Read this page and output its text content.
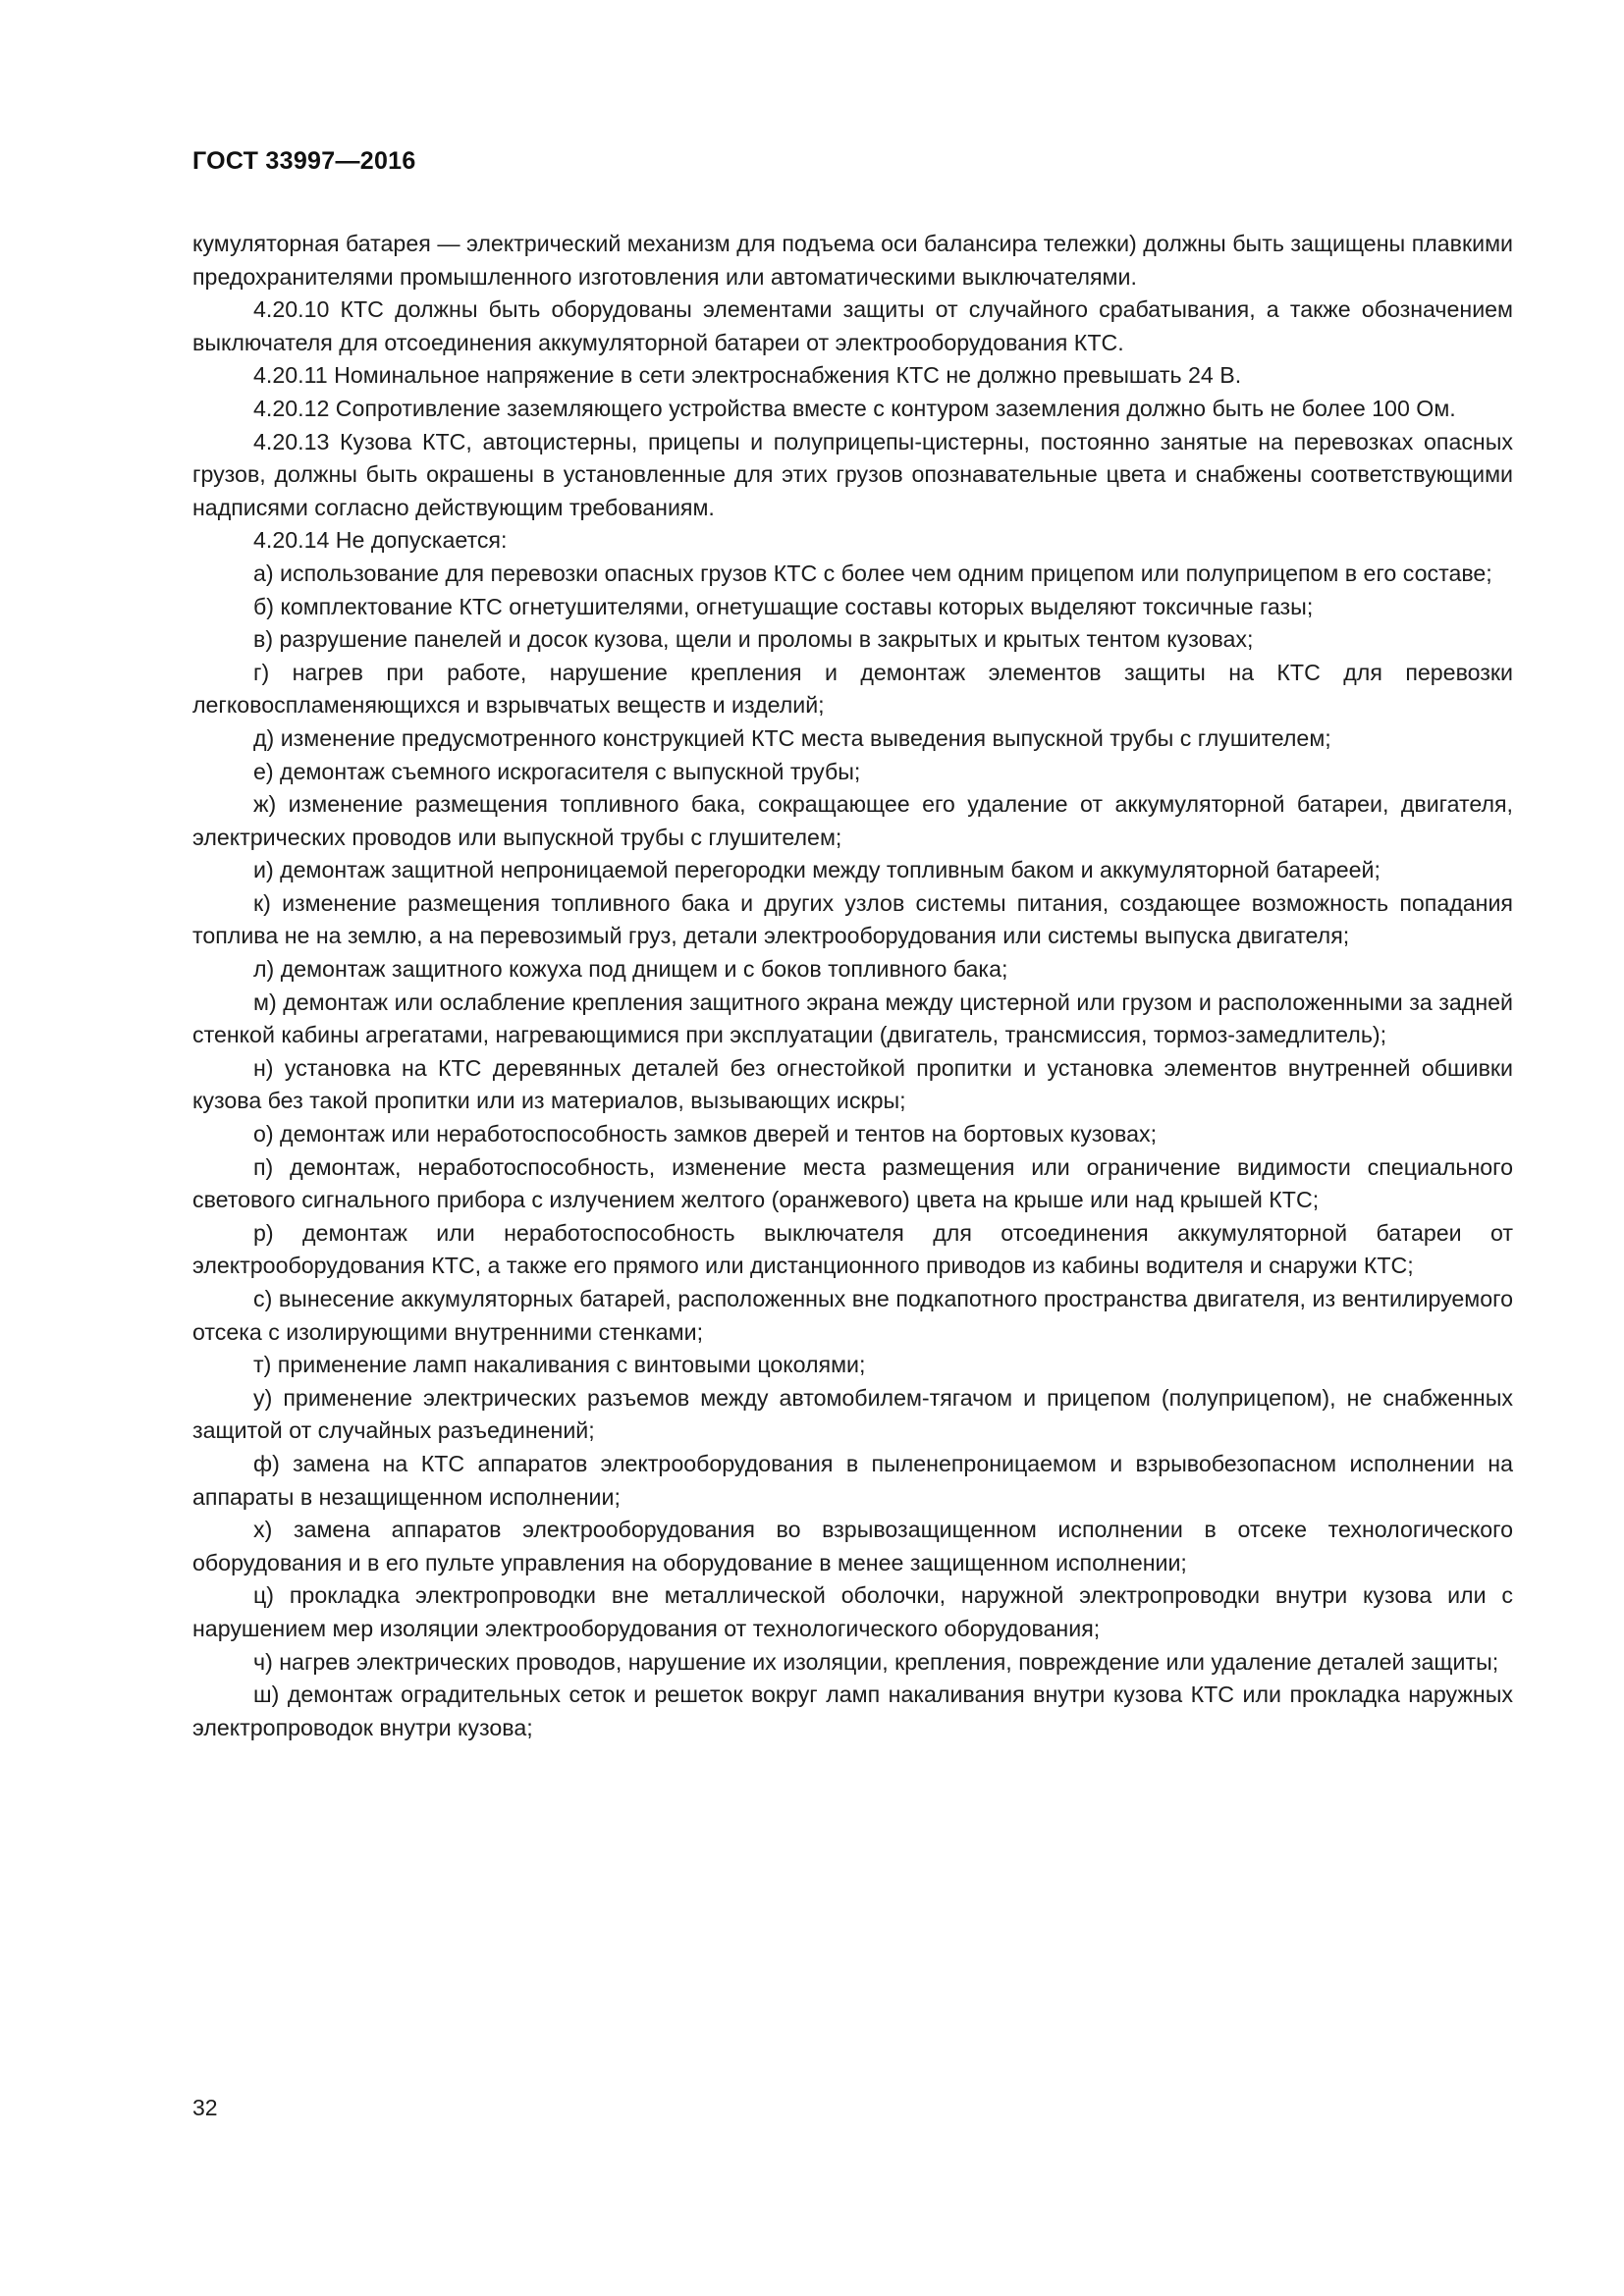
ГОСТ 33997—2016

кумуляторная батарея — электрический механизм для подъема оси балансира тележки) должны быть защищены плавкими предохранителями промышленного изготовления или автоматическими выключателями.

4.20.10 КТС должны быть оборудованы элементами защиты от случайного срабатывания, а также обозначением выключателя для отсоединения аккумуляторной батареи от электрооборудования КТС.

4.20.11 Номинальное напряжение в сети электроснабжения КТС не должно превышать 24 В.

4.20.12 Сопротивление заземляющего устройства вместе с контуром заземления должно быть не более 100 Ом.

4.20.13 Кузова КТС, автоцистерны, прицепы и полуприцепы-цистерны, постоянно занятые на перевозках опасных грузов, должны быть окрашены в установленные для этих грузов опознавательные цвета и снабжены соответствующими надписями согласно действующим требованиям.

4.20.14 Не допускается:

а) использование для перевозки опасных грузов КТС с более чем одним прицепом или полуприцепом в его составе;

б) комплектование КТС огнетушителями, огнетушащие составы которых выделяют токсичные газы;

в) разрушение панелей и досок кузова, щели и проломы в закрытых и крытых тентом кузовах;

г) нагрев при работе, нарушение крепления и демонтаж элементов защиты на КТС для перевозки легковоспламеняющихся и взрывчатых веществ и изделий;

д) изменение предусмотренного конструкцией КТС места выведения выпускной трубы с глушителем;

е) демонтаж съемного искрогасителя с выпускной трубы;

ж) изменение размещения топливного бака, сокращающее его удаление от аккумуляторной батареи, двигателя, электрических проводов или выпускной трубы с глушителем;

и) демонтаж защитной непроницаемой перегородки между топливным баком и аккумуляторной батареей;

к) изменение размещения топливного бака и других узлов системы питания, создающее возможность попадания топлива не на землю, а на перевозимый груз, детали электрооборудования или системы выпуска двигателя;

л) демонтаж защитного кожуха под днищем и с боков топливного бака;

м) демонтаж или ослабление крепления защитного экрана между цистерной или грузом и расположенными за задней стенкой кабины агрегатами, нагревающимися при эксплуатации (двигатель, трансмиссия, тормоз-замедлитель);

н) установка на КТС деревянных деталей без огнестойкой пропитки и установка элементов внутренней обшивки кузова без такой пропитки или из материалов, вызывающих искры;

о) демонтаж или неработоспособность замков дверей и тентов на бортовых кузовах;

п) демонтаж, неработоспособность, изменение места размещения или ограничение видимости специального светового сигнального прибора с излучением желтого (оранжевого) цвета на крыше или над крышей КТС;

р) демонтаж или неработоспособность выключателя для отсоединения аккумуляторной батареи от электрооборудования КТС, а также его прямого или дистанционного приводов из кабины водителя и снаружи КТС;

с) вынесение аккумуляторных батарей, расположенных вне подкапотного пространства двигателя, из вентилируемого отсека с изолирующими внутренними стенками;

т) применение ламп накаливания с винтовыми цоколями;

у) применение электрических разъемов между автомобилем-тягачом и прицепом (полуприцепом), не снабженных защитой от случайных разъединений;

ф) замена на КТС аппаратов электрооборудования в пыленепроницаемом и взрывобезопасном исполнении на аппараты в незащищенном исполнении;

х) замена аппаратов электрооборудования во взрывозащищенном исполнении в отсеке технологического оборудования и в его пульте управления на оборудование в менее защищенном исполнении;

ц) прокладка электропроводки вне металлической оболочки, наружной электропроводки внутри кузова или с нарушением мер изоляции электрооборудования от технологического оборудования;

ч) нагрев электрических проводов, нарушение их изоляции, крепления, повреждение или удаление деталей защиты;

ш) демонтаж оградительных сеток и решеток вокруг ламп накаливания внутри кузова КТС или прокладка наружных электропроводок внутри кузова;

32
